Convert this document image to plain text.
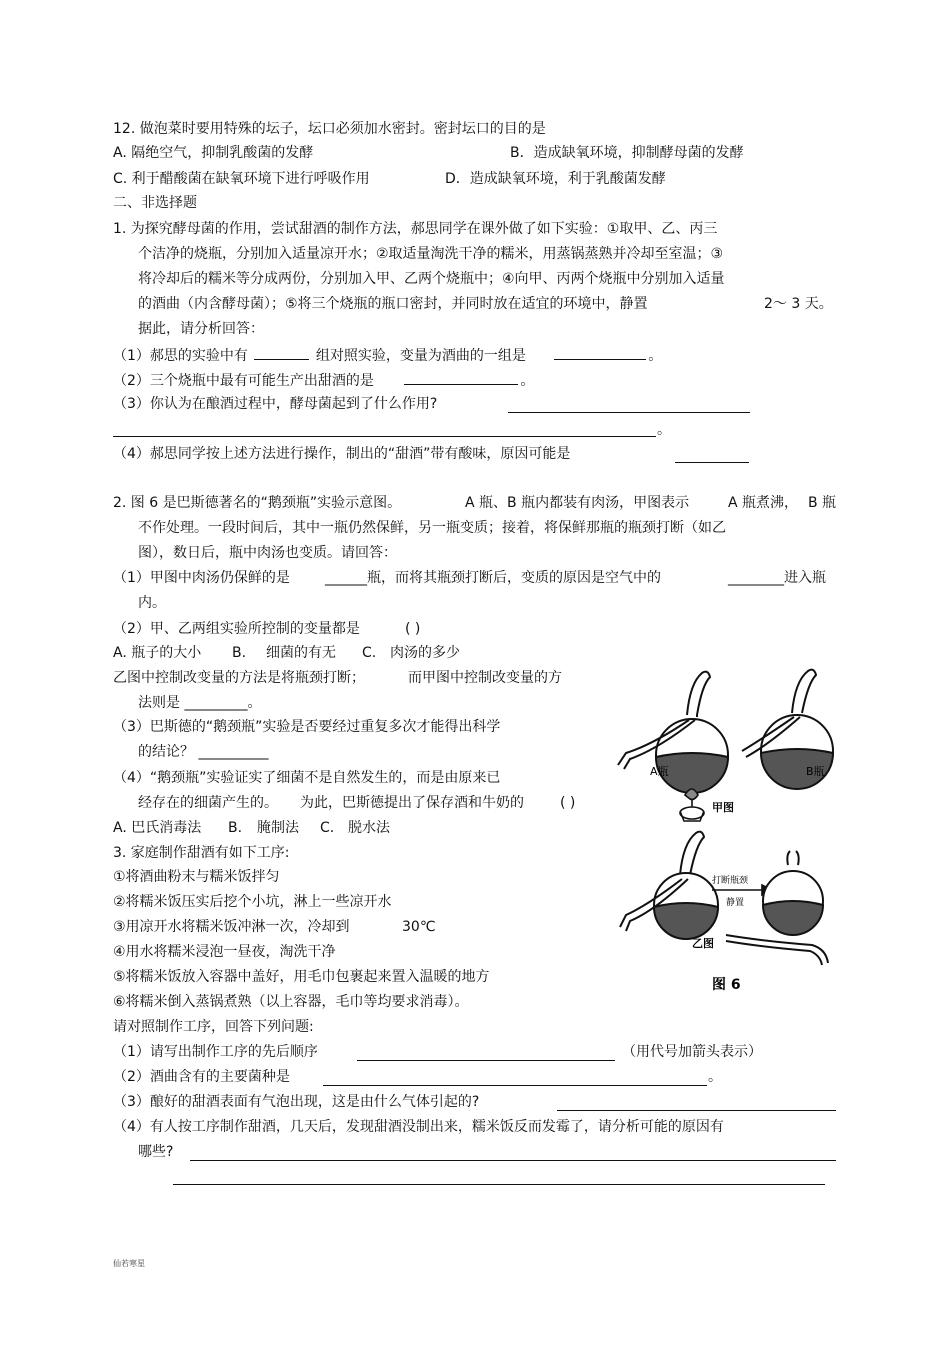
12. 做泡菜时要用特殊的坛子，坛口必须加水密封。密封坛口的目的是
A. 隔绝空气，抑制乳酸菌的发酵	B．造成缺氧环境，抑制酵母菌的发酵
C. 利于醋酸菌在缺氧环境下进行呼吸作用	D．造成缺氧环境，利于乳酸菌发酵
二、非选择题
1. 为探究酵母菌的作用，尝试甜酒的制作方法，郝思同学在课外做了如下实验：①取甲、乙、丙三
个洁净的烧瓶，分别加入适量凉开水；②取适量淘洗干净的糯米，用蒸锅蒸熟并冷却至室温；③
将冷却后的糯米等分成两份，分别加入甲、乙两个烧瓶中；④向甲、丙两个烧瓶中分别加入适量
的酒曲（内含酵母菌）；⑤将三个烧瓶的瓶口密封，并同时放在适宜的环境中，静置	2～ 3 天。
据此，请分析回答：
（1）郝思的实验中有	组对照实验，变量为酒曲的一组是	。
（2）三个烧瓶中最有可能生产出甜酒的是	。
（3）你认为在酿酒过程中，酵母菌起到了什么作用?
。
（4）郝思同学按上述方法进行操作，制出的“甜酒”带有酸味，原因可能是
2. 图 6 是巴斯德著名的“鹅颈瓶”实验示意图。	A 瓶、B 瓶内都装有肉汤，甲图表示	A 瓶煮沸， B 瓶
不作处理。一段时间后，其中一瓶仍然保鲜，另一瓶变质；接着，将保鲜那瓶的瓶颈打断（如乙
图），数日后，瓶中肉汤也变质。请回答：
（1）甲图中肉汤仍保鲜的是	______瓶，而将其瓶颈打断后，变质的原因是空气中的	________进入瓶
内。
（2）甲、乙两组实验所控制的变量都是	( )
A. 瓶子的大小 B. 细菌的有无 C. 肉汤的多少
乙图中控制改变量的方法是将瓶颈打断；	而甲图中控制改变量的方
法则是 _________。
（3）巴斯德的“鹅颈瓶”实验是否要经过重复多次才能得出科学
的结论？ __________
（4）“鹅颈瓶”实验证实了细菌不是自然发生的，而是由原来已
经存在的细菌产生的。 为此，巴斯德提出了保存酒和牛奶的	( )
A. 巴氏消毒法 B. 腌制法 C. 脱水法
3. 家庭制作甜酒有如下工序:
①将酒曲粉末与糯米饭拌匀
②将糯米饭压实后挖个小坑，淋上一些凉开水
③用凉开水将糯米饭冲淋一次，冷却到	30℃
④用水将糯米浸泡一昼夜，淘洗干净
⑤将糯米饭放入容器中盖好，用毛巾包裹起来置入温暖的地方
⑥将糯米倒入蒸锅煮熟（以上容器，毛巾等均要求消毒）。
请对照制作工序，回答下列问题:
（1）请写出制作工序的先后顺序	（用代号加箭头表示）
（2）酒曲含有的主要菌种是	。
（3）酿好的甜酒表面有气泡出现，这是由什么气体引起的?
（4）有人按工序制作甜酒，几天后，发现甜酒没制出来，糯米饭反而发霉了，请分析可能的原因有
哪些?
A瓶	B瓶
甲图
打断瓶颈
静置
乙图
图 6
仙若寒星
